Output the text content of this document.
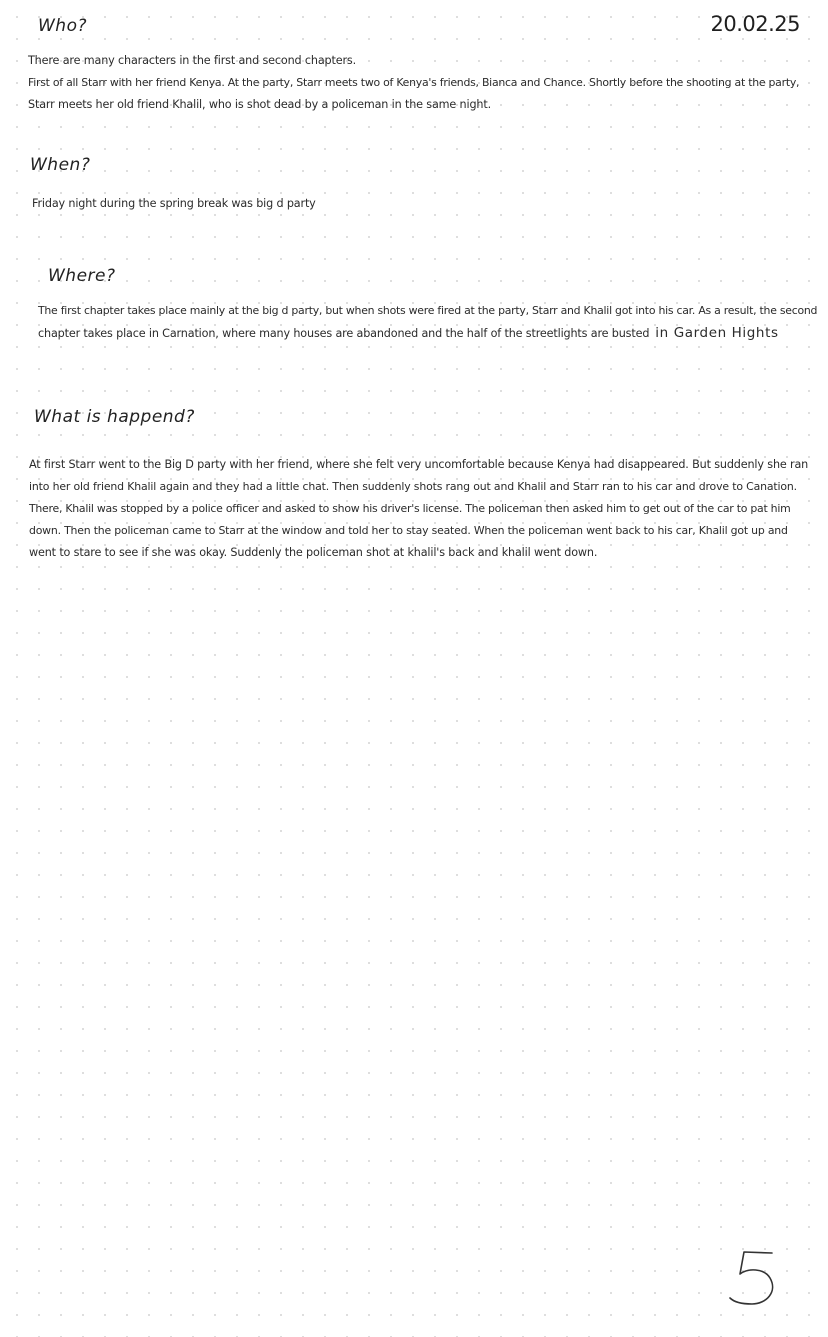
20.02.25
Who?

There are many characters in the first and second chapters.

First of all Starr with her friend Kenya. At the party, Starr meets two of Kenya's friends, Bianca and Chance. Shortly before the shooting at the party,

Starr meets her old friend Khalil, who is shot dead by a policeman in the same night.

When?

Friday night during the spring break was big d party

Where?

The first chapter takes place mainly at the big d party, but when shots were fired at the party, Starr and Khalil got into his car. As a result, the second

chapter takes place in Carnation, where many houses are abandoned and the half of the streetlights are busted in Garden Hights

What is happend?

At first Starr went to the Big D party with her friend, where she felt very uncomfortable because Kenya had disappeared. But suddenly she ran

into her old friend Khalil again and they had a little chat. Then suddenly shots rang out and Khalil and Starr ran to his car and drove to Canation.

There, Khalil was stopped by a police officer and asked to show his driver's license. The policeman then asked him to get out of the car to pat him

down. Then the policeman came to Starr at the window and told her to stay seated. When the policeman went back to his car, Khalil got up and

went to stare to see if she was okay. Suddenly the policeman shot at khalil's back and khalil went down.

5
